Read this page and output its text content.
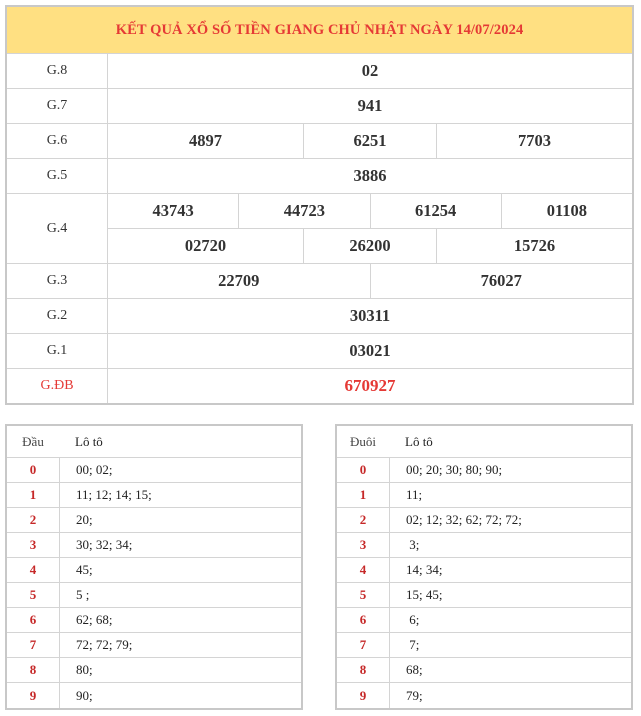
KẾT QUẢ XỔ SỐ TIỀN GIANG CHỦ NHẬT NGÀY 14/07/2024
G.8	02
G.7	941
G.6	4897	6251	7703
G.5	3886
G.4
43743	44723	61254	01108
02720	26200	15726
G.3	22709	76027
G.2	30311
G.1	03021
G.ĐB	670927
Đầu	Lô tô
0	00; 02;
1	11; 12; 14; 15;
2	20;
3	30; 32; 34;
4	45;
5	5 ;
6	62; 68;
7	72; 72; 79;
8	80;
9	90;
Đuôi	Lô tô
0	00; 20; 30; 80; 90;
1	11;
2	02; 12; 32; 62; 72; 72;
3	3;
4	14; 34;
5	15; 45;
6	6;
7	7;
8	68;
9	79;
